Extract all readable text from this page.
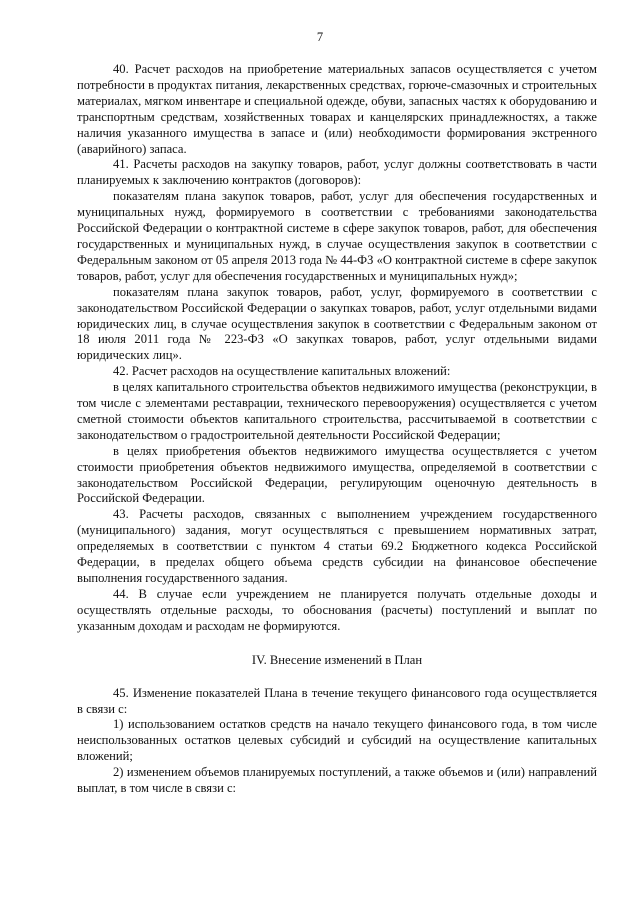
7

40. Расчет расходов на приобретение материальных запасов осуществляется с учетом потребности в продуктах питания, лекарственных средствах, горюче-смазочных и строительных материалах, мягком инвентаре и специальной одежде, обуви, запасных частях к оборудованию и транспортным средствам, хозяйственных товарах и канцелярских принадлежностях, а также наличия указанного имущества в запасе и (или) необходимости формирования экстренного (аварийного) запаса.

41. Расчеты расходов на закупку товаров, работ, услуг должны соответствовать в части планируемых к заключению контрактов (договоров):

показателям плана закупок товаров, работ, услуг для обеспечения государственных и муниципальных нужд, формируемого в соответствии с требованиями законодательства Российской Федерации о контрактной системе в сфере закупок товаров, работ, для обеспечения государственных и муниципальных нужд, в случае осуществления закупок в соответствии с Федеральным законом от 05 апреля 2013 года № 44-ФЗ «О контрактной системе в сфере закупок товаров, работ, услуг для обеспечения государственных и муниципальных нужд»;

показателям плана закупок товаров, работ, услуг, формируемого в соответствии с законодательством Российской Федерации о закупках товаров, работ, услуг отдельными видами юридических лиц, в случае осуществления закупок в соответствии с Федеральным законом от 18 июля 2011 года № 223-ФЗ «О закупках товаров, работ, услуг отдельными видами юридических лиц».

42. Расчет расходов на осуществление капитальных вложений:

в целях капитального строительства объектов недвижимого имущества (реконструкции, в том числе с элементами реставрации, технического перевооружения) осуществляется с учетом сметной стоимости объектов капитального строительства, рассчитываемой в соответствии с законодательством о градостроительной деятельности Российской Федерации;

в целях приобретения объектов недвижимого имущества осуществляется с учетом стоимости приобретения объектов недвижимого имущества, определяемой в соответствии с законодательством Российской Федерации, регулирующим оценочную деятельность в Российской Федерации.

43. Расчеты расходов, связанных с выполнением учреждением государственного (муниципального) задания, могут осуществляться с превышением нормативных затрат, определяемых в соответствии с пунктом 4 статьи 69.2 Бюджетного кодекса Российской Федерации, в пределах общего объема средств субсидии на финансовое обеспечение выполнения государственного задания.

44. В случае если учреждением не планируется получать отдельные доходы и осуществлять отдельные расходы, то обоснования (расчеты) поступлений и выплат по указанным доходам и расходам не формируются.

IV. Внесение изменений в План

45. Изменение показателей Плана в течение текущего финансового года осуществляется в связи с:

1) использованием остатков средств на начало текущего финансового года, в том числе неиспользованных остатков целевых субсидий и субсидий на осуществление капитальных вложений;

2) изменением объемов планируемых поступлений, а также объемов и (или) направлений выплат, в том числе в связи с:
